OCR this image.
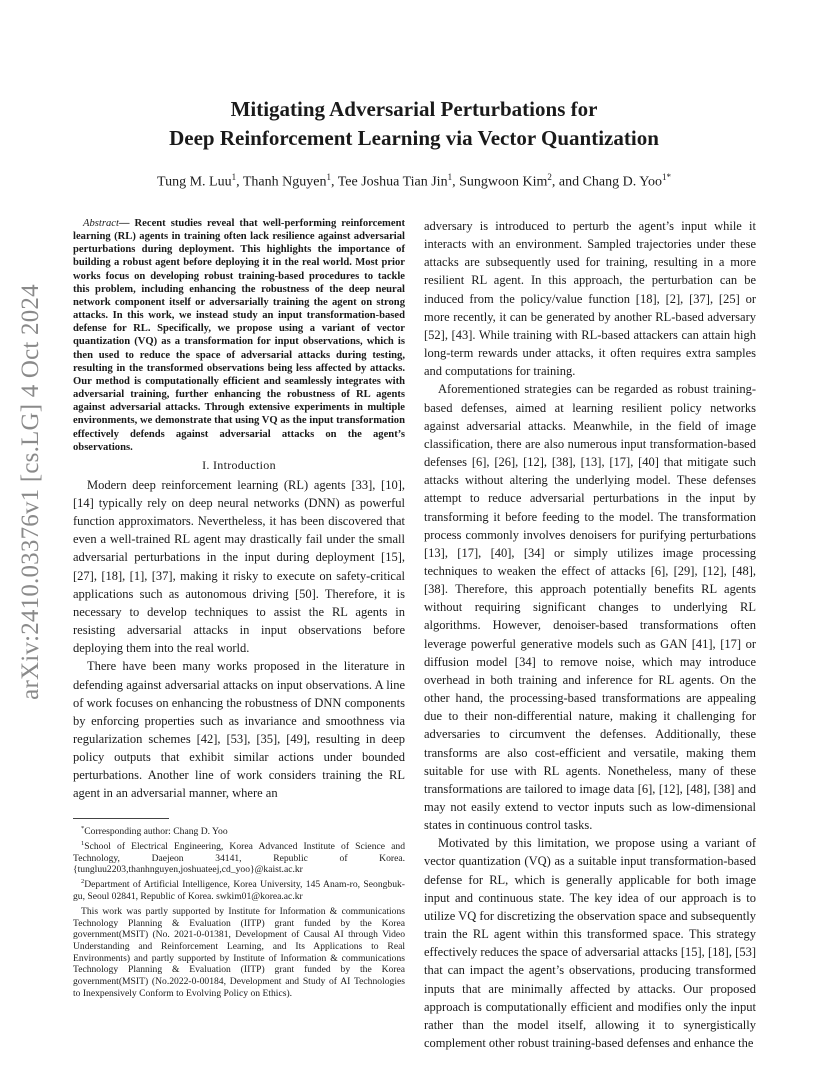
arXiv:2410.03376v1 [cs.LG] 4 Oct 2024
Mitigating Adversarial Perturbations for
Deep Reinforcement Learning via Vector Quantization
Tung M. Luu$^1$, Thanh Nguyen$^1$, Tee Joshua Tian Jin$^1$, Sungwoon Kim$^2$, and Chang D. Yoo$^{1*}$

Abstract— Recent studies reveal that well-performing reinforcement learning (RL) agents in training often lack resilience against adversarial perturbations during deployment. This highlights the importance of building a robust agent before deploying it in the real world. Most prior works focus on developing robust training-based procedures to tackle this problem, including enhancing the robustness of the deep neural network component itself or adversarially training the agent on strong attacks. In this work, we instead study an input transformation-based defense for RL. Specifically, we propose using a variant of vector quantization (VQ) as a transformation for input observations, which is then used to reduce the space of adversarial attacks during testing, resulting in the transformed observations being less affected by attacks. Our method is computationally efficient and seamlessly integrates with adversarial training, further enhancing the robustness of RL agents against adversarial attacks. Through extensive experiments in multiple environments, we demonstrate that using VQ as the input transformation effectively defends against adversarial attacks on the agent’s observations.

I. Introduction

Modern deep reinforcement learning (RL) agents [33], [10], [14] typically rely on deep neural networks (DNN) as powerful function approximators. Nevertheless, it has been discovered that even a well-trained RL agent may drastically fail under the small adversarial perturbations in the input during deployment [15], [27], [18], [1], [37], making it risky to execute on safety-critical applications such as autonomous driving [50]. Therefore, it is necessary to develop techniques to assist the RL agents in resisting adversarial attacks in input observations before deploying them into the real world.

There have been many works proposed in the literature in defending against adversarial attacks on input observations. A line of work focuses on enhancing the robustness of DNN components by enforcing properties such as invariance and smoothness via regularization schemes [42], [53], [35], [49], resulting in deep policy outputs that exhibit similar actions under bounded perturbations. Another line of work considers training the RL agent in an adversarial manner, where an

adversary is introduced to perturb the agent’s input while it interacts with an environment. Sampled trajectories under these attacks are subsequently used for training, resulting in a more resilient RL agent. In this approach, the perturbation can be induced from the policy/value function [18], [2], [37], [25] or more recently, it can be generated by another RL-based adversary [52], [43]. While training with RL-based attackers can attain high long-term rewards under attacks, it often requires extra samples and computations for training.

Aforementioned strategies can be regarded as robust training-based defenses, aimed at learning resilient policy networks against adversarial attacks. Meanwhile, in the field of image classification, there are also numerous input transformation-based defenses [6], [26], [12], [38], [13], [17], [40] that mitigate such attacks without altering the underlying model. These defenses attempt to reduce adversarial perturbations in the input by transforming it before feeding to the model. The transformation process commonly involves denoisers for purifying perturbations [13], [17], [40], [34] or simply utilizes image processing techniques to weaken the effect of attacks [6], [29], [12], [48], [38]. Therefore, this approach potentially benefits RL agents without requiring significant changes to underlying RL algorithms. However, denoiser-based transformations often leverage powerful generative models such as GAN [41], [17] or diffusion model [34] to remove noise, which may introduce overhead in both training and inference for RL agents. On the other hand, the processing-based transformations are appealing due to their non-differential nature, making it challenging for adversaries to circumvent the defenses. Additionally, these transforms are also cost-efficient and versatile, making them suitable for use with RL agents. Nonetheless, many of these transformations are tailored to image data [6], [12], [48], [38] and may not easily extend to vector inputs such as low-dimensional states in continuous control tasks.

Motivated by this limitation, we propose using a variant of vector quantization (VQ) as a suitable input transformation-based defense for RL, which is generally applicable for both image input and continuous state. The key idea of our approach is to utilize VQ for discretizing the observation space and subsequently train the RL agent within this transformed space. This strategy effectively reduces the space of adversarial attacks [15], [18], [53] that can impact the agent’s observations, producing transformed inputs that are minimally affected by attacks. Our proposed approach is computationally efficient and modifies only the input rather than the model itself, allowing it to synergistically complement other robust training-based defenses and enhance the

*Corresponding author: Chang D. Yoo

$^1$School of Electrical Engineering, Korea Advanced Institute of Science and Technology, Daejeon 34141, Republic of Korea. {tungluu2203,thanhnguyen,joshuateej,cd_yoo}@kaist.ac.kr

$^2$Department of Artificial Intelligence, Korea University, 145 Anam-ro, Seongbuk-gu, Seoul 02841, Republic of Korea. swkim01@korea.ac.kr

This work was partly supported by Institute for Information & communications Technology Planning & Evaluation (IITP) grant funded by the Korea government(MSIT) (No. 2021-0-01381, Development of Causal AI through Video Understanding and Reinforcement Learning, and Its Applications to Real Environments) and partly supported by Institute of Information & communications Technology Planning & Evaluation (IITP) grant funded by the Korea government(MSIT) (No.2022-0-00184, Development and Study of AI Technologies to Inexpensively Conform to Evolving Policy on Ethics).
